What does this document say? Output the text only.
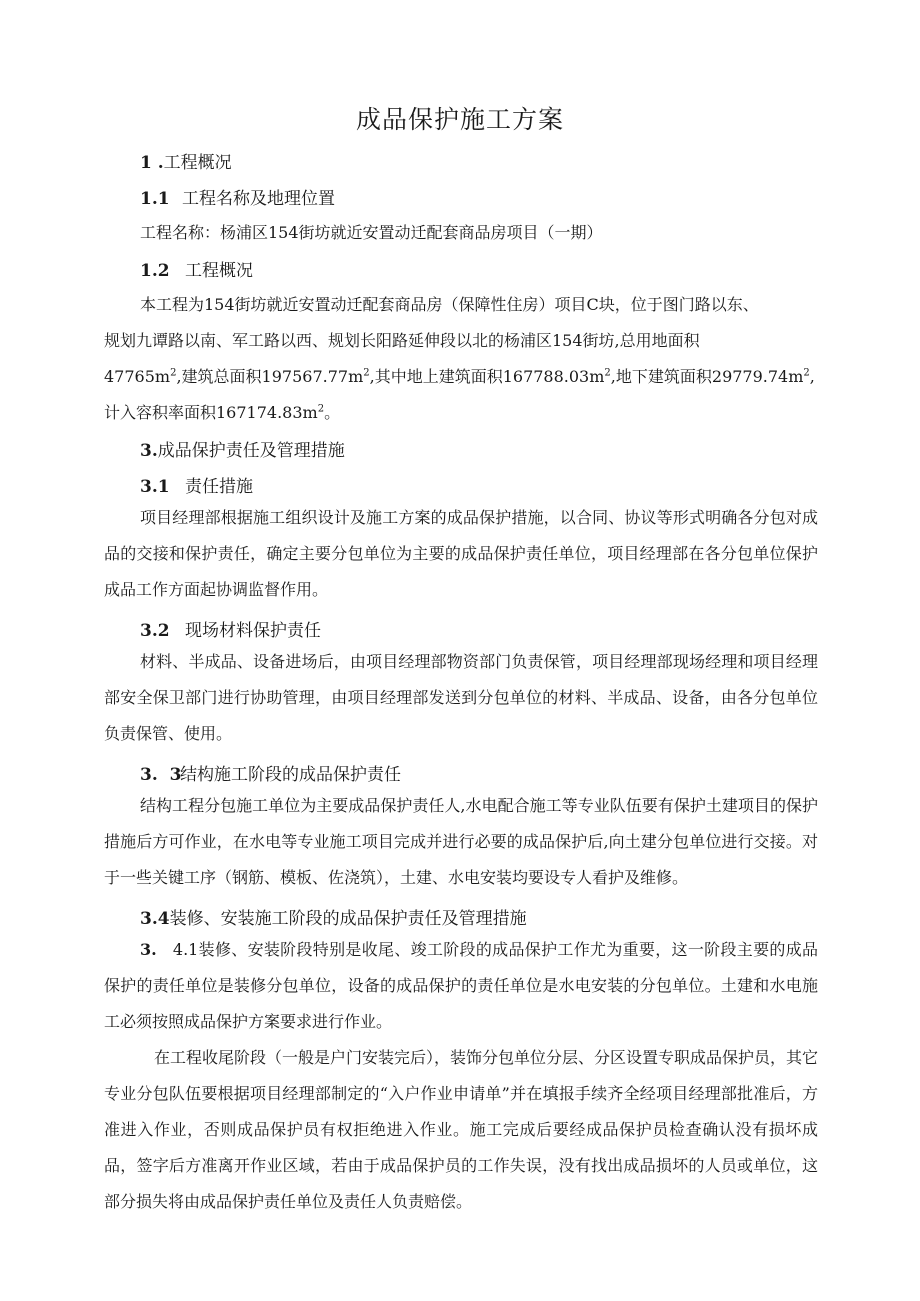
成品保护施工方案
1 .工程概况
1.1 工程名称及地理位置
工程名称：杨浦区154街坊就近安置动迁配套商品房项目（一期）
1.2 工程概况
本工程为154街坊就近安置动迁配套商品房（保障性住房）项目C块，位于图门路以东、
规划九谭路以南、军工路以西、规划长阳路延伸段以北的杨浦区154街坊,总用地面积
$47765m^2$,建筑总面积$197567.77m^2$,其中地上建筑面积$167788.03m^2$,地下建筑面积$29779.74m^2$,
计入容积率面积$167174.83m^2$。
3.成品保护责任及管理措施
3.1 责任措施
项目经理部根据施工组织设计及施工方案的成品保护措施，以合同、协议等形式明确各分包对成品的交接和保护责任，确定主要分包单位为主要的成品保护责任单位，项目经理部在各分包单位保护成品工作方面起协调监督作用。
3.2 现场材料保护责任
材料、半成品、设备进场后，由项目经理部物资部门负责保管，项目经理部现场经理和项目经理部安全保卫部门进行协助管理，由项目经理部发送到分包单位的材料、半成品、设备，由各分包单位负责保管、使用。
3.  3结构施工阶段的成品保护责任
结构工程分包施工单位为主要成品保护责任人,水电配合施工等专业队伍要有保护土建项目的保护措施后方可作业，在水电等专业施工项目完成并进行必要的成品保护后,向土建分包单位进行交接。对于一些关键工序（钢筋、模板、佐浇筑），土建、水电安装均要设专人看护及维修。
3.4装修、安装施工阶段的成品保护责任及管理措施
3. 4.1装修、安装阶段特别是收尾、竣工阶段的成品保护工作尤为重要，这一阶段主要的成品保护的责任单位是装修分包单位，设备的成品保护的责任单位是水电安装的分包单位。土建和水电施工必须按照成品保护方案要求进行作业。
在工程收尾阶段（一般是户门安装完后），装饰分包单位分层、分区设置专职成品保护员，其它专业分包队伍要根据项目经理部制定的“入户作业申请单”并在填报手续齐全经项目经理部批准后，方准进入作业，否则成品保护员有权拒绝进入作业。施工完成后要经成品保护员检查确认没有损坏成品，签字后方准离开作业区域，若由于成品保护员的工作失误，没有找出成品损坏的人员或单位，这部分损失将由成品保护责任单位及责任人负责赔偿。
